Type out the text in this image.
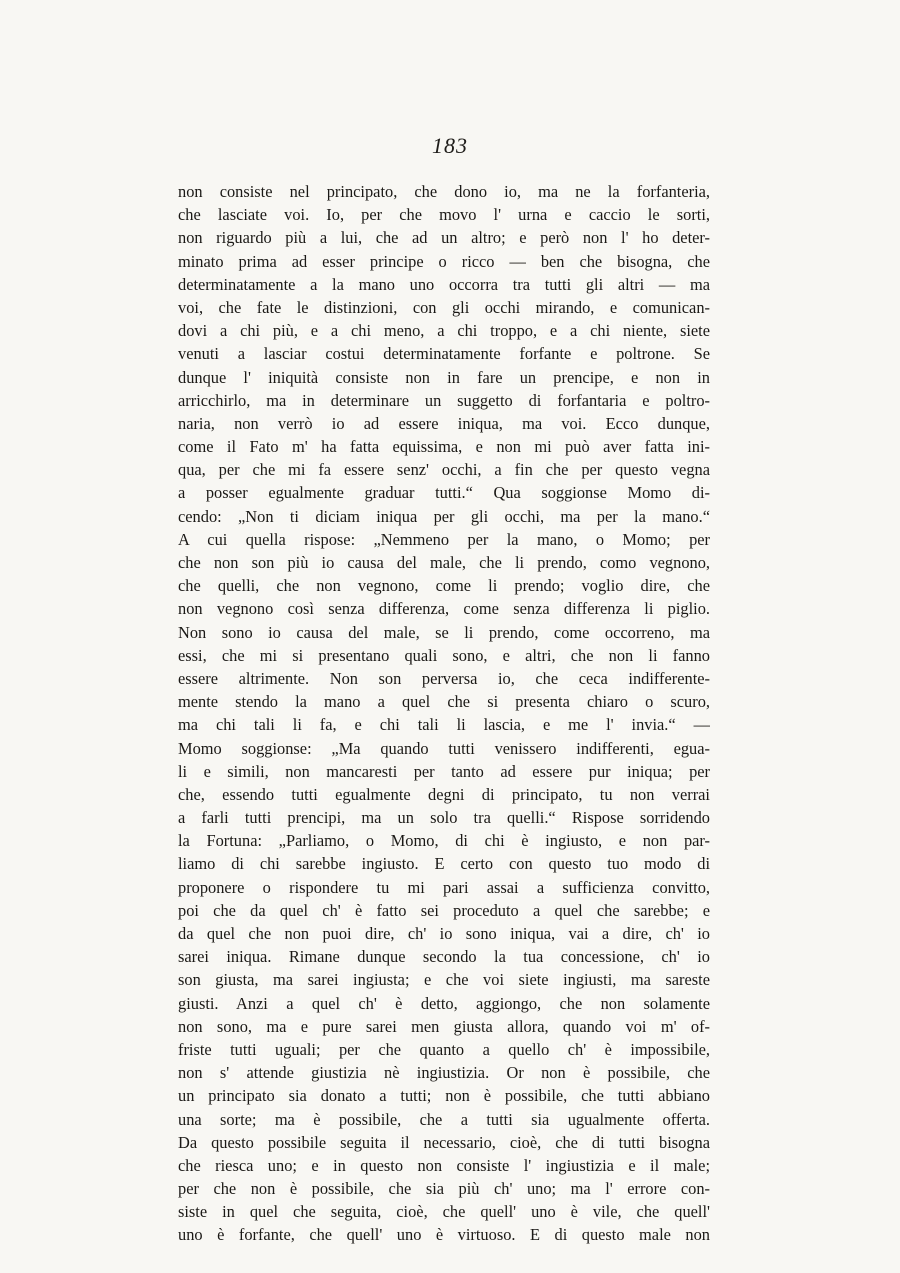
183
non consiste nel principato, che dono io, ma ne la forfanteria,
che lasciate voi. Io, per che movo l' urna e caccio le sorti,
non riguardo più a lui, che ad un altro; e però non l' ho deter-
minato prima ad esser principe o ricco — ben che bisogna, che
determinatamente a la mano uno occorra tra tutti gli altri — ma
voi, che fate le distinzioni, con gli occhi mirando, e comunican-
dovi a chi più, e a chi meno, a chi troppo, e a chi niente, siete
venuti a lasciar costui determinatamente forfante e poltrone. Se
dunque l' iniquità consiste non in fare un prencipe, e non in
arricchirlo, ma in determinare un suggetto di forfantaria e poltro-
naria, non verrò io ad essere iniqua, ma voi. Ecco dunque,
come il Fato m' ha fatta equissima, e non mi può aver fatta ini-
qua, per che mi fa essere senz' occhi, a fin che per questo vegna
a posser egualmente graduar tutti.“ Qua soggionse Momo di-
cendo: „Non ti diciam iniqua per gli occhi, ma per la mano.“
A cui quella rispose: „Nemmeno per la mano, o Momo; per
che non son più io causa del male, che li prendo, como vegnono,
che quelli, che non vegnono, come li prendo; voglio dire, che
non vegnono così senza differenza, come senza differenza li piglio.
Non sono io causa del male, se li prendo, come occorreno, ma
essi, che mi si presentano quali sono, e altri, che non li fanno
essere altrimente. Non son perversa io, che ceca indifferente-
mente stendo la mano a quel che si presenta chiaro o scuro,
ma chi tali li fa, e chi tali li lascia, e me l' invia.“ —
Momo soggionse: „Ma quando tutti venissero indifferenti, egua-
li e simili, non mancaresti per tanto ad essere pur iniqua; per
che, essendo tutti egualmente degni di principato, tu non verrai
a farli tutti prencipi, ma un solo tra quelli.“ Rispose sorridendo
la Fortuna: „Parliamo, o Momo, di chi è ingiusto, e non par-
liamo di chi sarebbe ingiusto. E certo con questo tuo modo di
proponere o rispondere tu mi pari assai a sufficienza convitto,
poi che da quel ch' è fatto sei proceduto a quel che sarebbe; e
da quel che non puoi dire, ch' io sono iniqua, vai a dire, ch' io
sarei iniqua. Rimane dunque secondo la tua concessione, ch' io
son giusta, ma sarei ingiusta; e che voi siete ingiusti, ma sareste
giusti. Anzi a quel ch' è detto, aggiongo, che non solamente
non sono, ma e pure sarei men giusta allora, quando voi m' of-
friste tutti uguali; per che quanto a quello ch' è impossibile,
non s' attende giustizia nè ingiustizia. Or non è possibile, che
un principato sia donato a tutti; non è possibile, che tutti abbiano
una sorte; ma è possibile, che a tutti sia ugualmente offerta.
Da questo possibile seguita il necessario, cioè, che di tutti bisogna
che riesca uno; e in questo non consiste l' ingiustizia e il male;
per che non è possibile, che sia più ch' uno; ma l' errore con-
siste in quel che seguita, cioè, che quell' uno è vile, che quell'
uno è forfante, che quell' uno è virtuoso. E di questo male non
